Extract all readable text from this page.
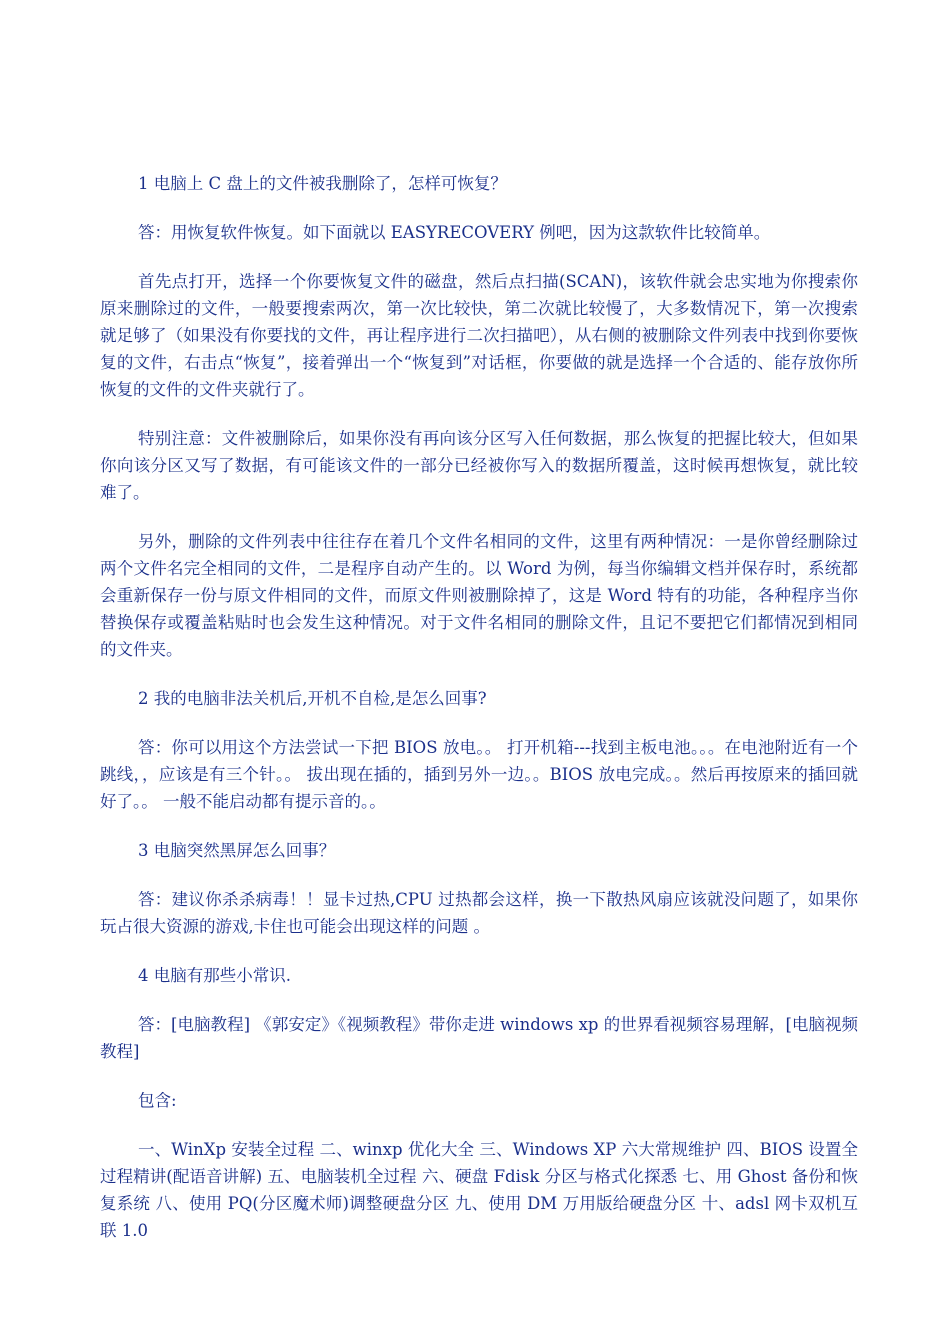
1 电脑上 C 盘上的文件被我删除了，怎样可恢复？

答：用恢复软件恢复。如下面就以 EASYRECOVERY 例吧，因为这款软件比较简单。

首先点打开，选择一个你要恢复文件的磁盘，然后点扫描(SCAN)，该软件就会忠实地为你搜索你原来删除过的文件，一般要搜索两次，第一次比较快，第二次就比较慢了，大多数情况下，第一次搜索就足够了（如果没有你要找的文件，再让程序进行二次扫描吧），从右侧的被删除文件列表中找到你要恢复的文件，右击点“恢复”，接着弹出一个“恢复到”对话框，你要做的就是选择一个合适的、能存放你所恢复的文件的文件夹就行了。

特别注意：文件被删除后，如果你没有再向该分区写入任何数据，那么恢复的把握比较大，但如果你向该分区又写了数据，有可能该文件的一部分已经被你写入的数据所覆盖，这时候再想恢复，就比较难了。

另外，删除的文件列表中往往存在着几个文件名相同的文件，这里有两种情况：一是你曾经删除过两个文件名完全相同的文件，二是程序自动产生的。以 Word 为例，每当你编辑文档并保存时，系统都会重新保存一份与原文件相同的文件，而原文件则被删除掉了，这是 Word 特有的功能，各种程序当你替换保存或覆盖粘贴时也会发生这种情况。对于文件名相同的删除文件，且记不要把它们都情况到相同的文件夹。

2 我的电脑非法关机后,开机不自检,是怎么回事?

答：你可以用这个方法尝试一下把 BIOS 放电。。 打开机箱---找到主板电池。。。在电池附近有一个跳线，，应该是有三个针。。 拔出现在插的，插到另外一边。。BIOS 放电完成。。然后再按原来的插回就好了。。 一般不能启动都有提示音的。。

3 电脑突然黑屏怎么回事？

答：建议你杀杀病毒！！显卡过热,CPU 过热都会这样，换一下散热风扇应该就没问题了，如果你玩占很大资源的游戏,卡住也可能会出现这样的问题 。

4 电脑有那些小常识.

答：[电脑教程] 《郭安定》《视频教程》带你走进 windows xp 的世界看视频容易理解，[电脑视频教程]

包含:

一、WinXp 安装全过程 二、winxp 优化大全 三、Windows XP 六大常规维护 四、BIOS 设置全过程精讲(配语音讲解) 五、电脑装机全过程 六、硬盘 Fdisk 分区与格式化探悉 七、用 Ghost 备份和恢复系统 八、使用 PQ(分区魔术师)调整硬盘分区 九、使用 DM 万用版给硬盘分区 十、adsl 网卡双机互联 1.0
